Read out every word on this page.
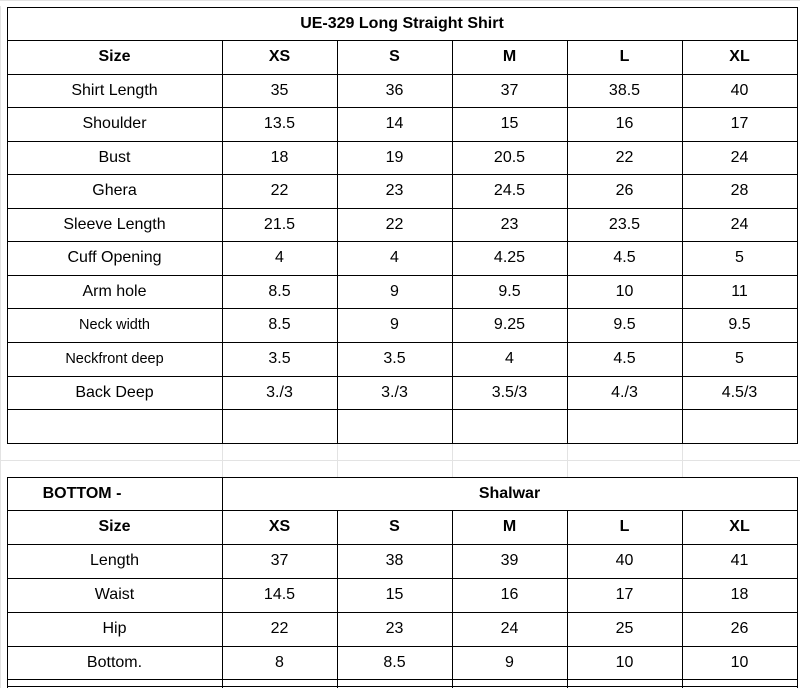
UE-329 Long Straight Shirt
Size	XS	S	M	L	XL
Shirt Length	35	36	37	38.5	40
Shoulder	13.5	14	15	16	17
Bust	18	19	20.5	22	24
Ghera	22	23	24.5	26	28
Sleeve Length	21.5	22	23	23.5	24
Cuff Opening	4	4	4.25	4.5	5
Arm hole	8.5	9	9.5	10	11
Neck width	8.5	9	9.25	9.5	9.5
Neckfront deep	3.5	3.5	4	4.5	5
Back Deep	3./3	3./3	3.5/3	4./3	4.5/3
BOTTOM -	Shalwar
Size	XS	S	M	L	XL
Length	37	38	39	40	41
Waist	14.5	15	16	17	18
Hip	22	23	24	25	26
Bottom.	8	8.5	9	10	10
